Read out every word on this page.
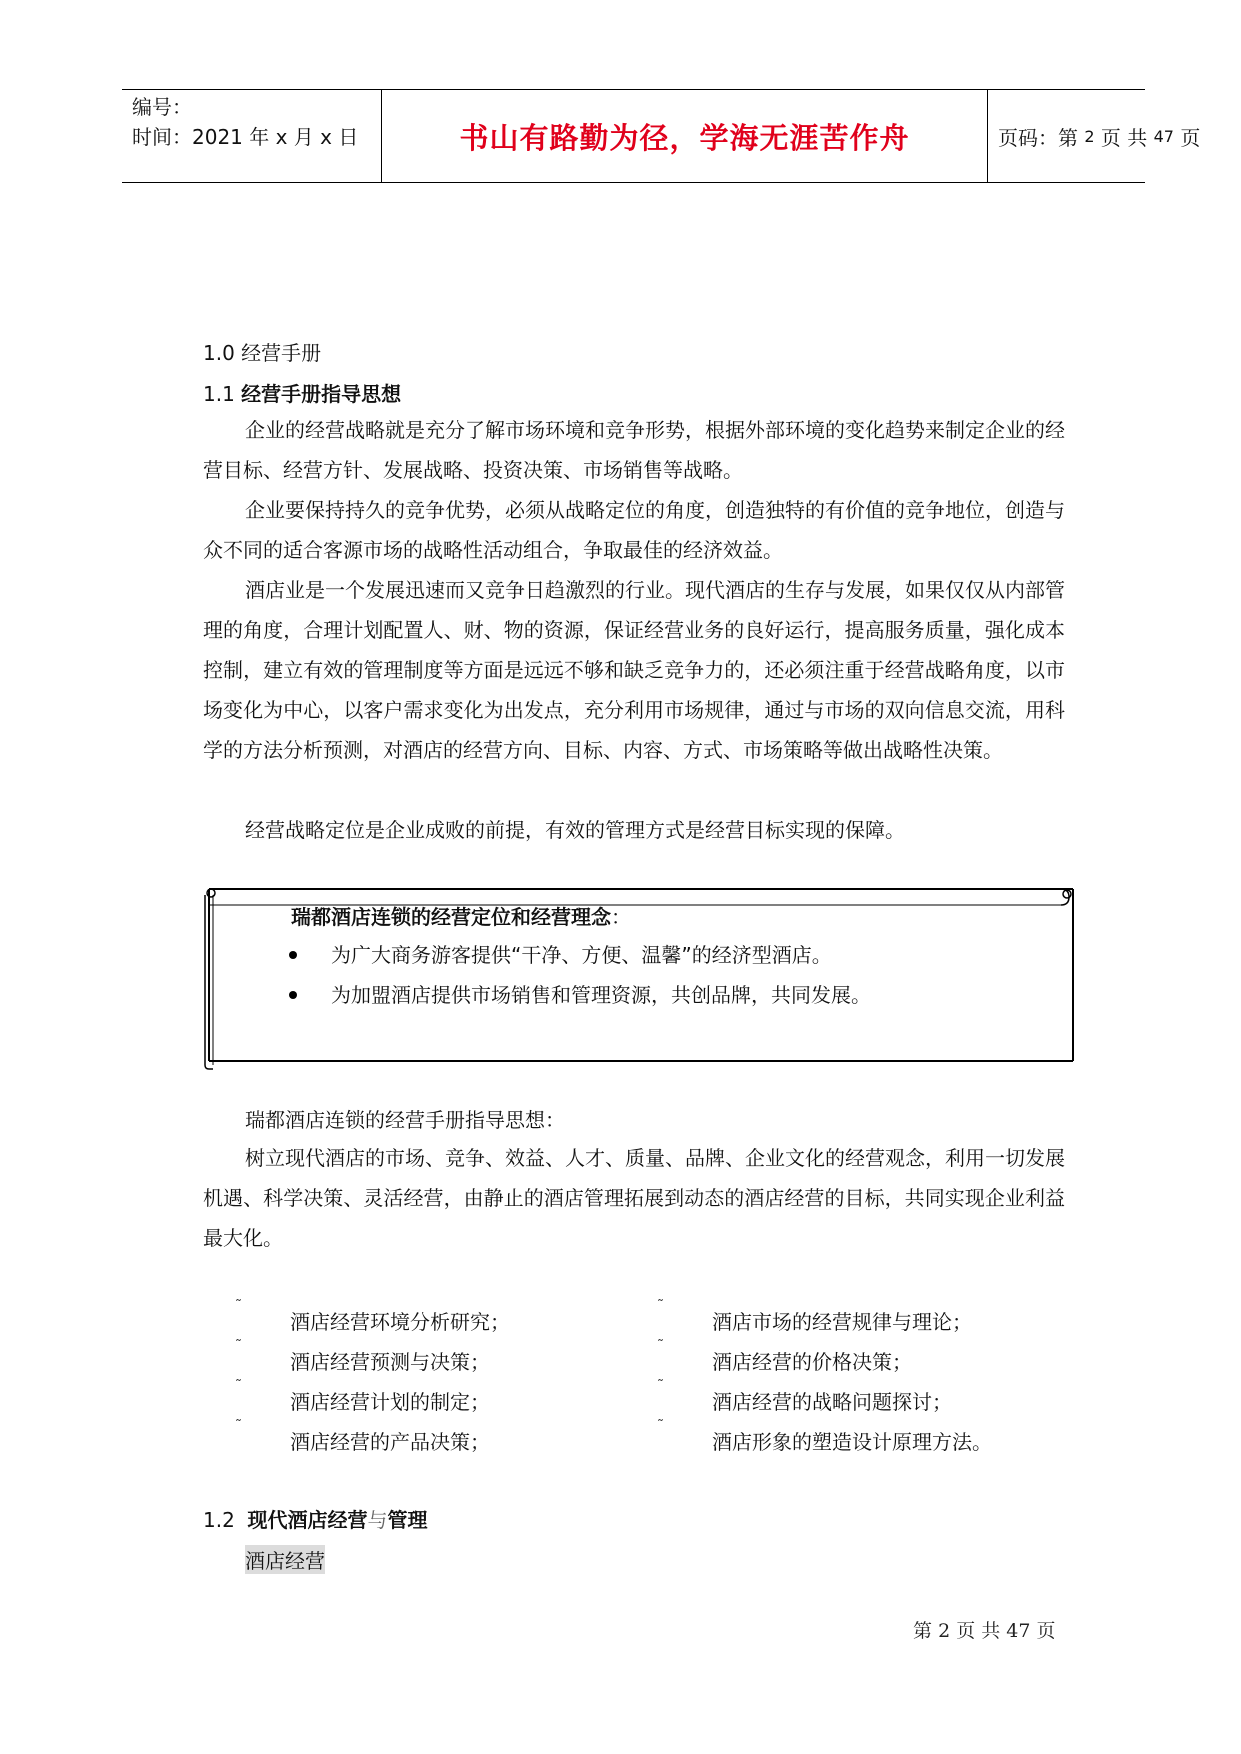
编号：
时间：2021 年 x 月 x 日	书山有路勤为径，学海无涯苦作舟	页码：第
2
页 共
47
页
1.0 经营手册
1.1 经营手册指导思想

企业的经营战略就是充分了解市场环境和竞争形势，根据外部环境的变化趋势来制定企业的经营目标、经营方针、发展战略、投资决策、市场销售等战略。

企业要保持持久的竞争优势，必须从战略定位的角度，创造独特的有价值的竞争地位，创造与众不同的适合客源市场的战略性活动组合，争取最佳的经济效益。

酒店业是一个发展迅速而又竞争日趋激烈的行业。现代酒店的生存与发展，如果仅仅从内部管理的角度，合理计划配置人、财、物的资源，保证经营业务的良好运行，提高服务质量，强化成本控制，建立有效的管理制度等方面是远远不够和缺乏竞争力的，还必须注重于经营战略角度，以市场变化为中心，以客户需求变化为出发点，充分利用市场规律，通过与市场的双向信息交流，用科学的方法分析预测，对酒店的经营方向、目标、内容、方式、市场策略等做出战略性决策。

经营战略定位是企业成败的前提，有效的管理方式是经营目标实现的保障。

瑞都酒店连锁的经营定位和经营理念：
为广大商务游客提供“干净、方便、温馨”的经济型酒店。
为加盟酒店提供市场销售和管理资源，共创品牌，共同发展。
瑞都酒店连锁的经营手册指导思想：

树立现代酒店的市场、竞争、效益、人才、质量、品牌、企业文化的经营观念，利用一切发展机遇、科学决策、灵活经营，由静止的酒店管理拓展到动态的酒店经营的目标，共同实现企业利益最大化。

˜
酒店经营环境分析研究；
˜
酒店经营预测与决策；
˜
酒店经营计划的制定；
˜
酒店经营的产品决策；
˜
酒店市场的经营规律与理论；
˜
酒店经营的价格决策；
˜
酒店经营的战略问题探讨；
˜
酒店形象的塑造设计原理方法。
1.2 现代酒店经营与管理
酒店经营
第 2 页 共 47 页
